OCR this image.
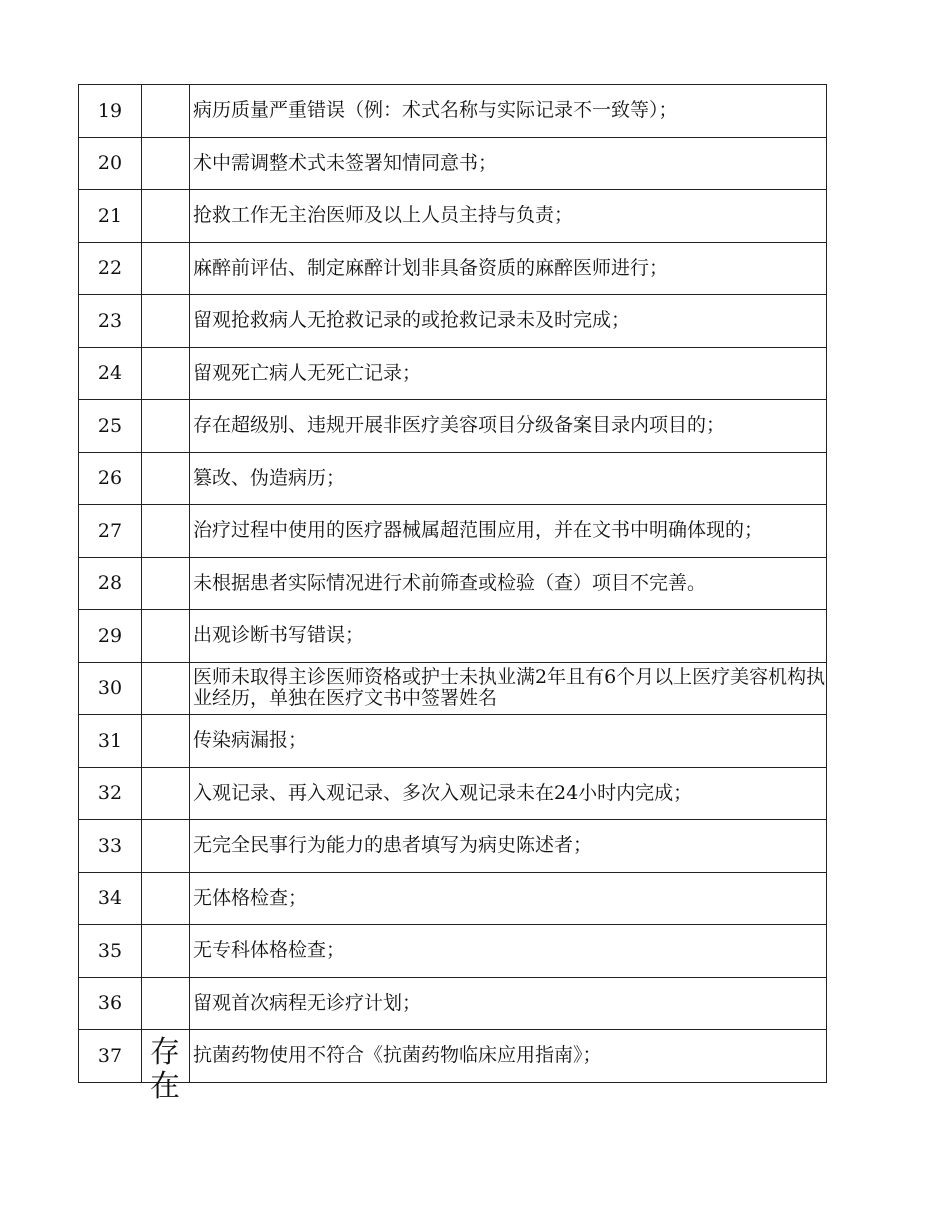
19		病历质量严重错误（例：术式名称与实际记录不一致等）；
20		术中需调整术式未签署知情同意书；
21		抢救工作无主治医师及以上人员主持与负责；
22		麻醉前评估、制定麻醉计划非具备资质的麻醉医师进行；
23		留观抢救病人无抢救记录的或抢救记录未及时完成；
24		留观死亡病人无死亡记录；
25		存在超级别、违规开展非医疗美容项目分级备案目录内项目的；
26		篡改、伪造病历；
27		治疗过程中使用的医疗器械属超范围应用，并在文书中明确体现的；
28		未根据患者实际情况进行术前筛查或检验（查）项目不完善。
29		出观诊断书写错误；
30		医师未取得主诊医师资格或护士未执业满2年且有6个月以上医疗美容机构执业经历，单独在医疗文书中签署姓名
31		传染病漏报；
32		入观记录、再入观记录、多次入观记录未在24小时内完成；
33		无完全民事行为能力的患者填写为病史陈述者；
34		无体格检查；
35		无专科体格检查；
36		留观首次病程无诊疗计划；
37	存在	抗菌药物使用不符合《抗菌药物临床应用指南》；
